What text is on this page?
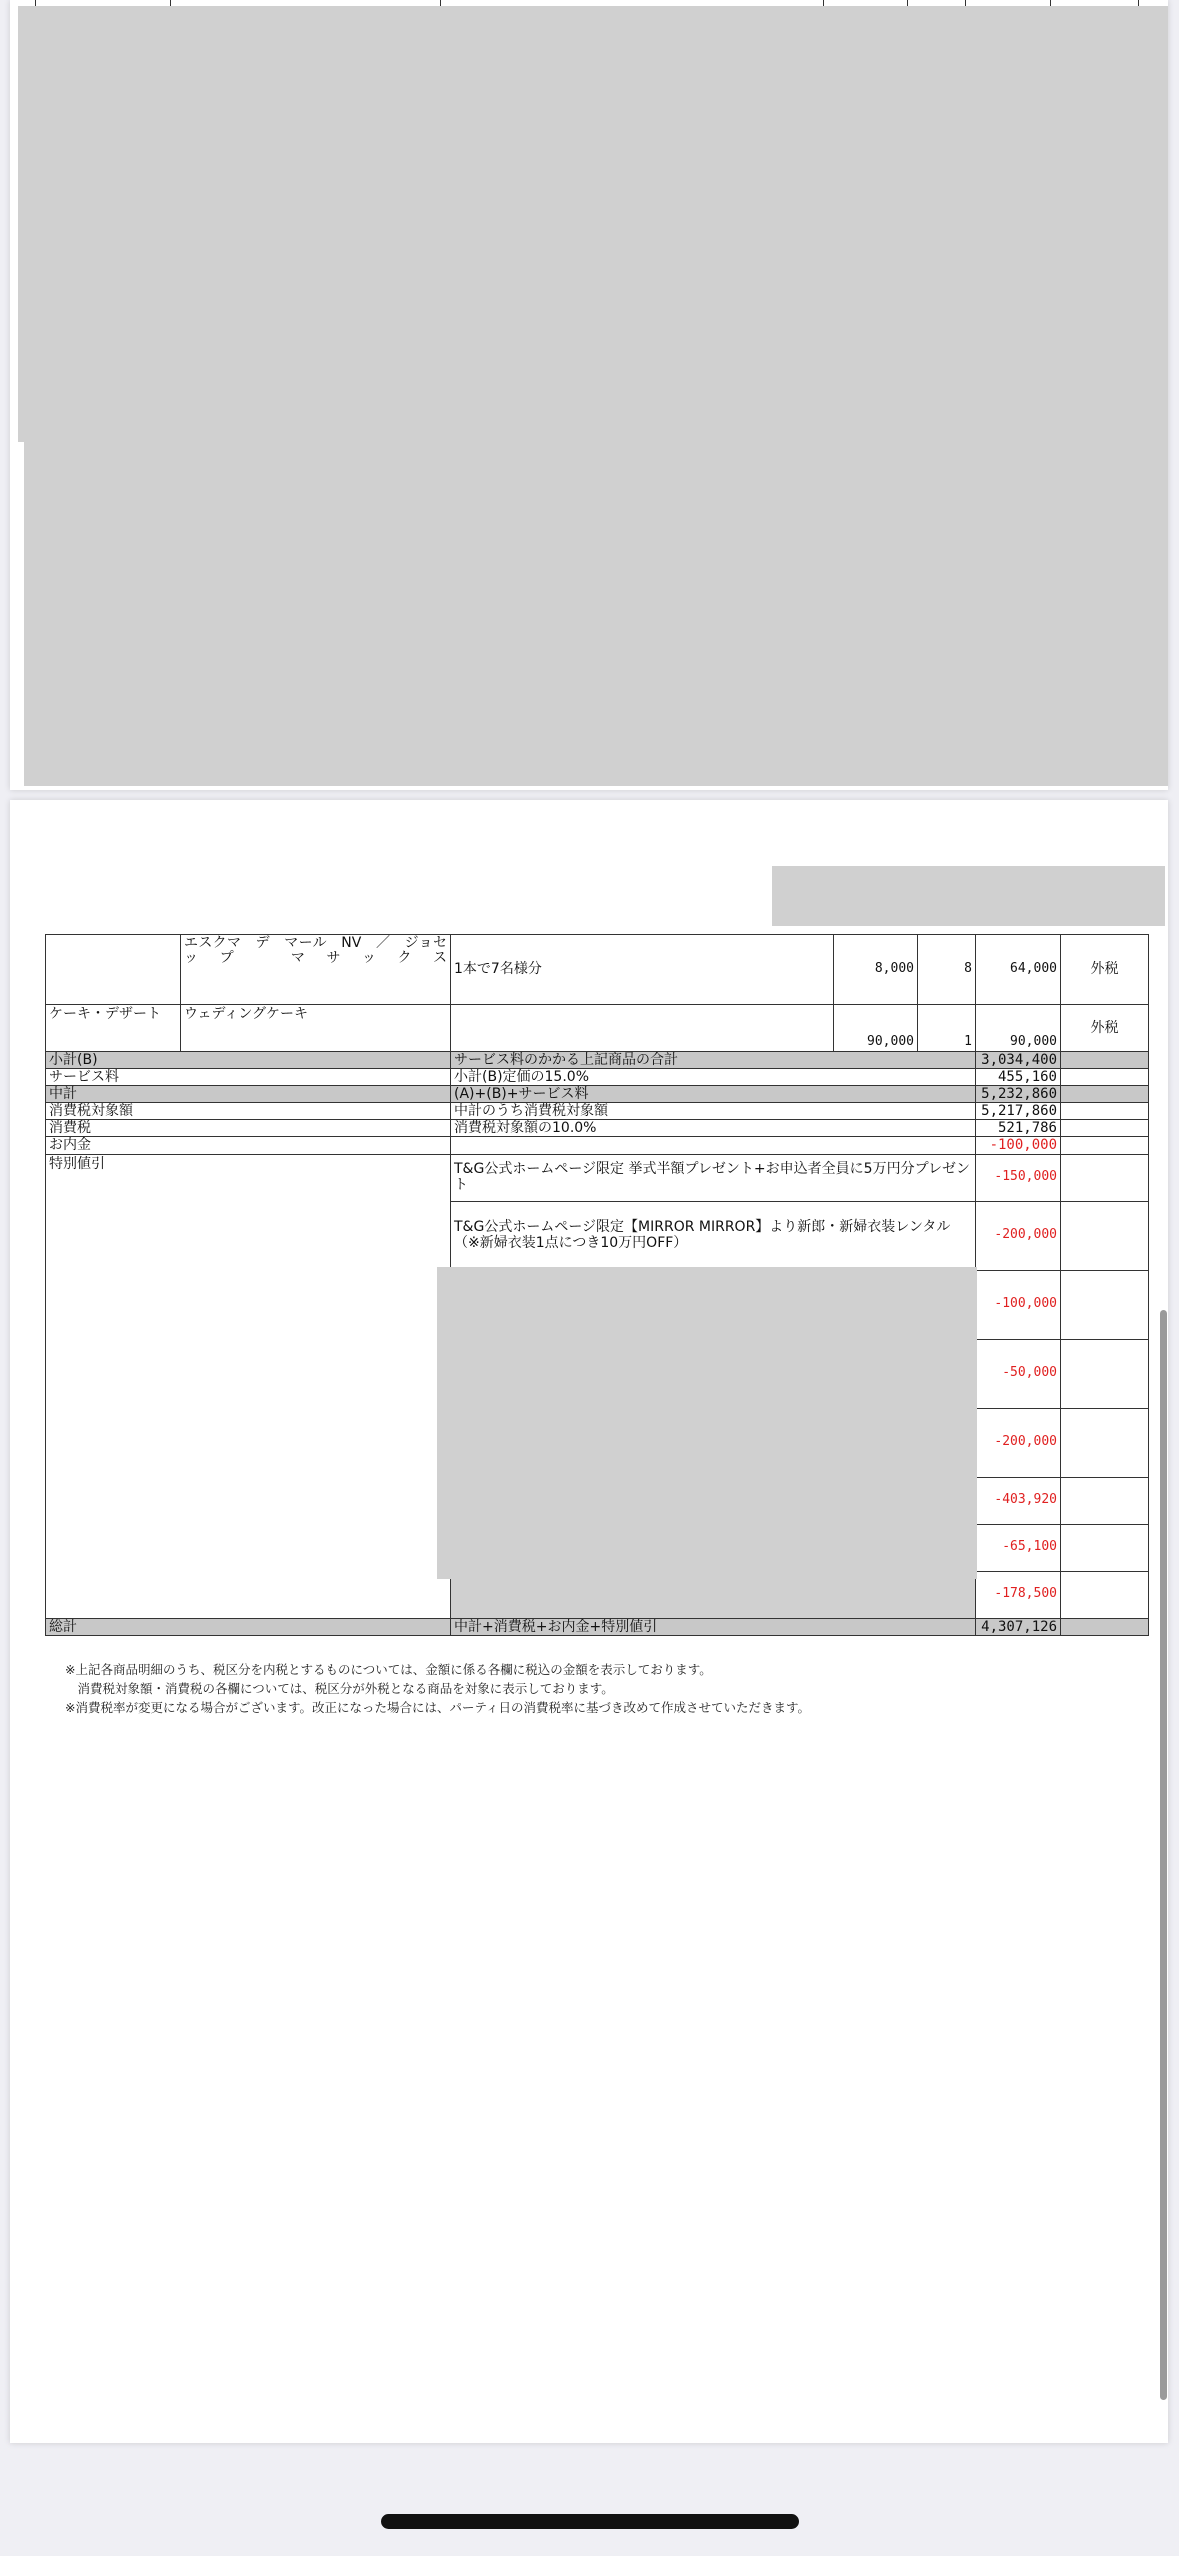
	エスクマ　デ　マール　NV　／　ジョセップ　マサックス	1本で7名様分	8,000	8	64,000	外税
ケーキ・デザート	ウェディングケーキ		90,000	1	90,000	外税
小計(B)		サービス料のかかる上記商品の合計			3,034,400	
サービス料		小計(B)定価の15.0%			455,160	
中計		(A)+(B)+サービス料			5,232,860	
消費税対象額		中計のうち消費税対象額			5,217,860	
消費税		消費税対象額の10.0%			521,786	
お内金					-100,000	
特別値引		T&G公式ホームページ限定 挙式半額プレゼント+お申込者全員に5万円分プレゼント			-150,000	
		T&G公式ホームページ限定【MIRROR MIRROR】より新郎・新婦衣装レンタル（※新婦衣装1点につき10万円OFF）			-200,000	
					-100,000	
					-50,000	
					-200,000	
					-403,920	
					-65,100	
					-178,500	
総計		中計+消費税+お内金+特別値引			4,307,126	
※上記各商品明細のうち、税区分を内税とするものについては、金額に係る各欄に税込の金額を表示しております。
　消費税対象額・消費税の各欄については、税区分が外税となる商品を対象に表示しております。
※消費税率が変更になる場合がございます。改正になった場合には、パーティ日の消費税率に基づき改めて作成させていただきます。
